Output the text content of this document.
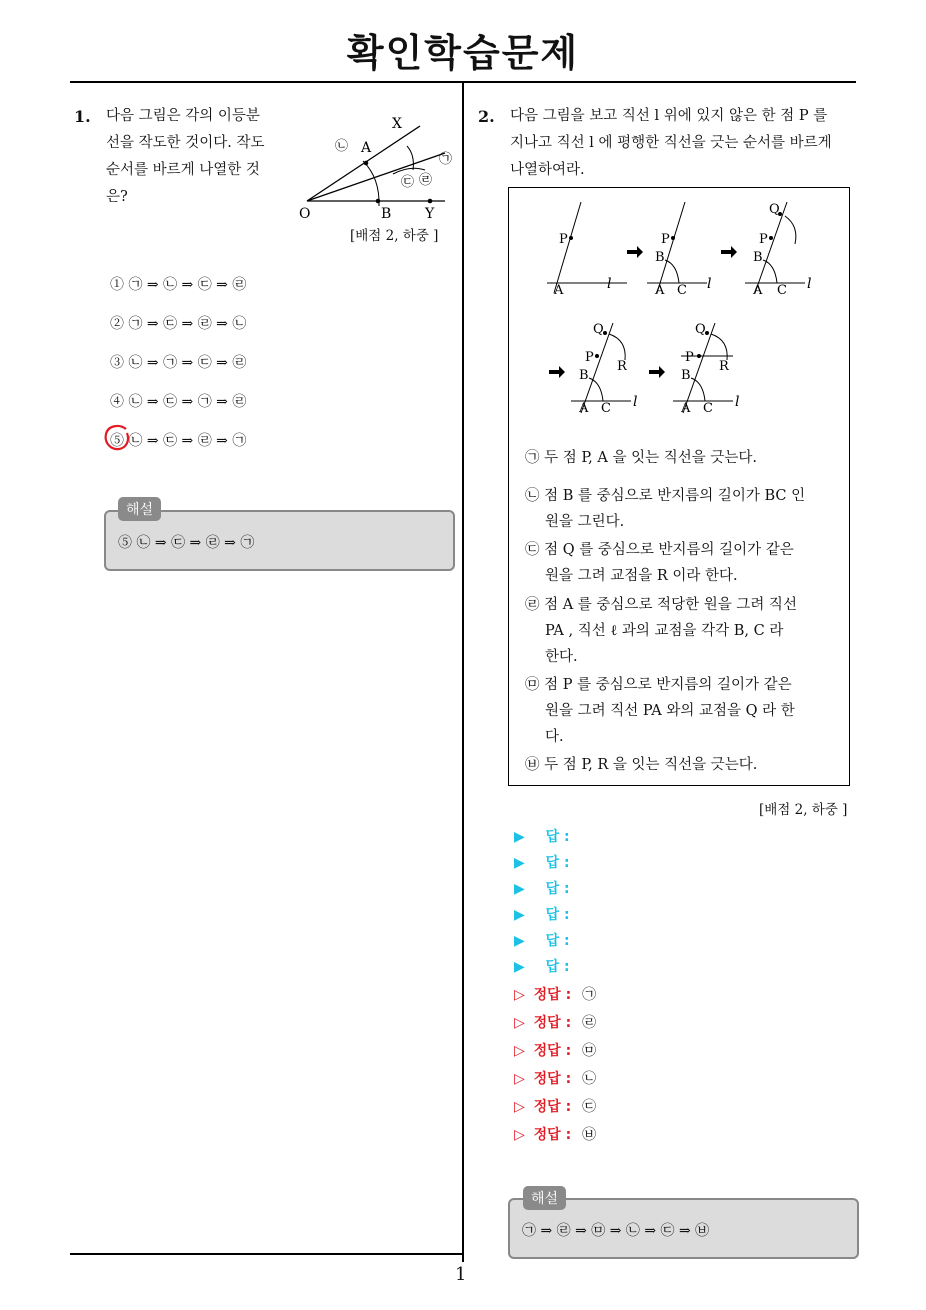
확인학습문제
1
1. 다음 그림은 각의 이등분
선을 작도한 것이다. 작도
순서를 바르게 나열한 것
은?
X
A
㉡
㉠
㉢ ㉣
O	B Y
[배점 2, 하중 ]
① ㉠ ⇒ ㉡ ⇒ ㉢ ⇒ ㉣
② ㉠ ⇒ ㉢ ⇒ ㉣ ⇒ ㉡
③ ㉡ ⇒ ㉠ ⇒ ㉢ ⇒ ㉣
④ ㉡ ⇒ ㉢ ⇒ ㉠ ⇒ ㉣
⑤ ㉡ ⇒ ㉢ ⇒ ㉣ ⇒ ㉠
⑤ ㉡ ⇒ ㉢ ⇒ ㉣ ⇒ ㉠
해설
2. 다음 그림을 보고 직선 l 위에 있지 않은 한 점 P 를
지나고 직선 l 에 평행한 직선을 긋는 순서를 바르게
나열하여라.
P
A	l
P
B
A C l
Q
P
B
A C l
Q
P
B
R
A C l
Q
P
B
R
A C l
㉠ 두 점 P, A 을 잇는 직선을 긋는다.
㉡ 점 B 를 중심으로 반지름의 길이가 BC 인
원을 그린다.
㉢ 점 Q 를 중심으로 반지름의 길이가 같은
원을 그려 교점을 R 이라 한다.
㉣ 점 A 를 중심으로 적당한 원을 그려 직선
PA , 직선 ℓ 과의 교점을 각각 B, C 라
한다.
㉤ 점 P 를 중심으로 반지름의 길이가 같은
원을 그려 직선 PA 와의 교점을 Q 라 한
다.
㉥ 두 점 P, R 을 잇는 직선을 긋는다.
[배점 2, 하중 ]
▶ 답 :
▶ 답 :
▶ 답 :
▶ 답 :
▶ 답 :
▶ 답 :
▷ 정답 : ㉠
▷ 정답 : ㉣
▷ 정답 : ㉤
▷ 정답 : ㉡
▷ 정답 : ㉢
▷ 정답 : ㉥
㉠ ⇒ ㉣ ⇒ ㉤ ⇒ ㉡ ⇒ ㉢ ⇒ ㉥
해설
